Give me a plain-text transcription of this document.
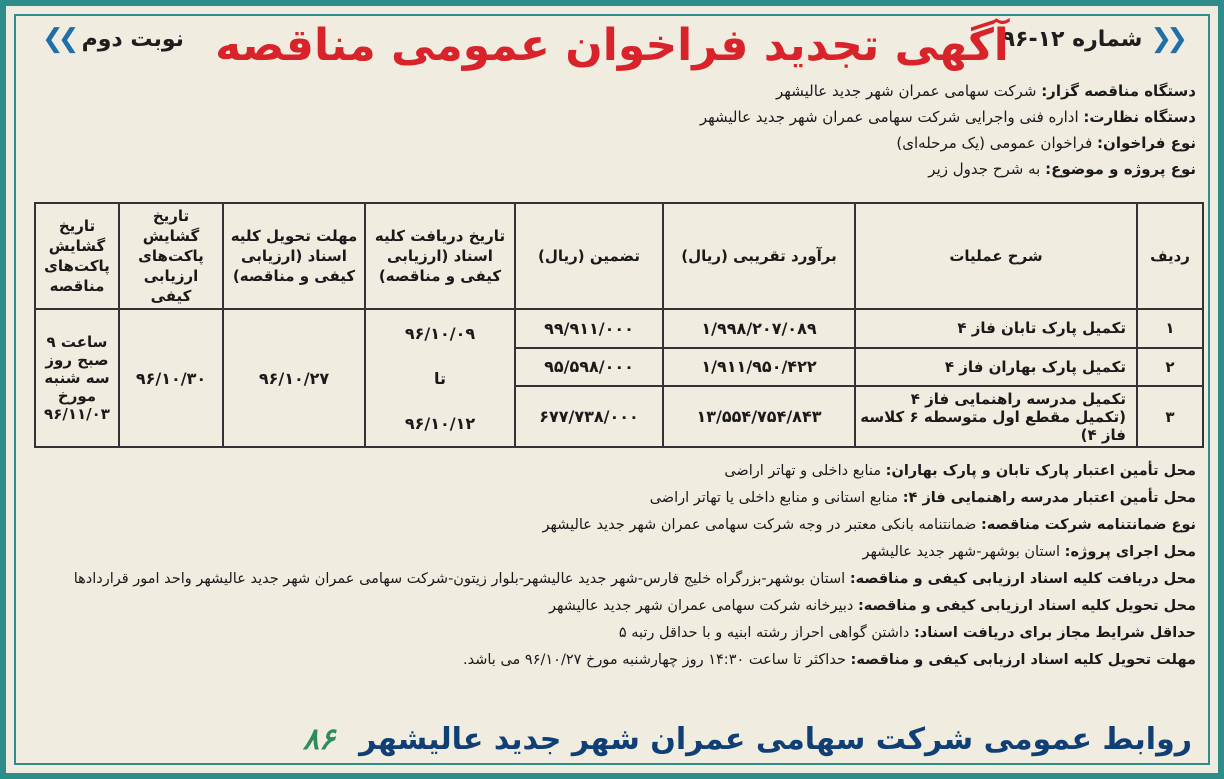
❮❮
شماره ۱۲-۹۶
آگهی تجدید فراخوان عمومی مناقصه
نوبت دوم
❯❯
دستگاه مناقصه گزار: شرکت سهامی عمران شهر جدید عالیشهر
دستگاه نظارت: اداره فنی واجرایی شرکت سهامی عمران شهر جدید عالیشهر
نوع فراخوان: فراخوان عمومی (یک مرحله‌ای)
نوع پروژه و موضوع: به شرح جدول زیر
ردیف	شرح عملیات	برآورد تقریبی (ریال)	تضمین (ریال)	تاریخ دریافت کلیه اسناد (ارزیابی کیفی و مناقصه)	مهلت تحویل کلیه اسناد (ارزیابی کیفی و مناقصه)	تاریخ گشایش پاکت‌های ارزیابی کیفی	تاریخ گشایش پاکت‌های مناقصه
۱	تکمیل پارک تابان فاز ۴	۱/۹۹۸/۲۰۷/۰۸۹	۹۹/۹۱۱/۰۰۰	۹۶/۱۰/۰۹
تا
۹۶/۱۰/۱۲	۹۶/۱۰/۲۷	۹۶/۱۰/۳۰	ساعت ۹ صبح روز سه شنبه مورخ ۹۶/۱۱/۰۳
۲	تکمیل پارک بهاران فاز ۴	۱/۹۱۱/۹۵۰/۴۲۲	۹۵/۵۹۸/۰۰۰				
۳	تکمیل مدرسه راهنمایی فاز ۴ (تکمیل مقطع اول متوسطه ۶ کلاسه فاز ۴)	۱۳/۵۵۴/۷۵۴/۸۴۳	۶۷۷/۷۳۸/۰۰۰				
محل تأمین اعتبار پارک تابان و پارک بهاران: منابع داخلی و تهاتر اراضی
محل تأمین اعتبار مدرسه راهنمایی فاز ۴: منابع استانی و منابع داخلی یا تهاتر اراضی
نوع ضمانتنامه شرکت مناقصه: ضمانتنامه بانکی معتبر در وجه شرکت سهامی عمران شهر جدید عالیشهر
محل اجرای پروژه: استان بوشهر-شهر جدید عالیشهر
محل دریافت کلیه اسناد ارزیابی کیفی و مناقصه: استان بوشهر-بزرگراه خلیج فارس-شهر جدید عالیشهر-بلوار زیتون-شرکت سهامی عمران شهر جدید عالیشهر واحد امور قراردادها
محل تحویل کلیه اسناد ارزیابی کیفی و مناقصه: دبیرخانه شرکت سهامی عمران شهر جدید عالیشهر
حداقل شرایط مجاز برای دریافت اسناد: داشتن گواهی احراز رشته ابنیه و با حداقل رتبه ۵
مهلت تحویل کلیه اسناد ارزیابی کیفی و مناقصه: حداکثر تا ساعت ۱۴:۳۰ روز چهارشنبه مورخ ۹۶/۱۰/۲۷ می باشد.
روابط عمومی شرکت سهامی عمران شهر جدید عالیشهر
۸۶
